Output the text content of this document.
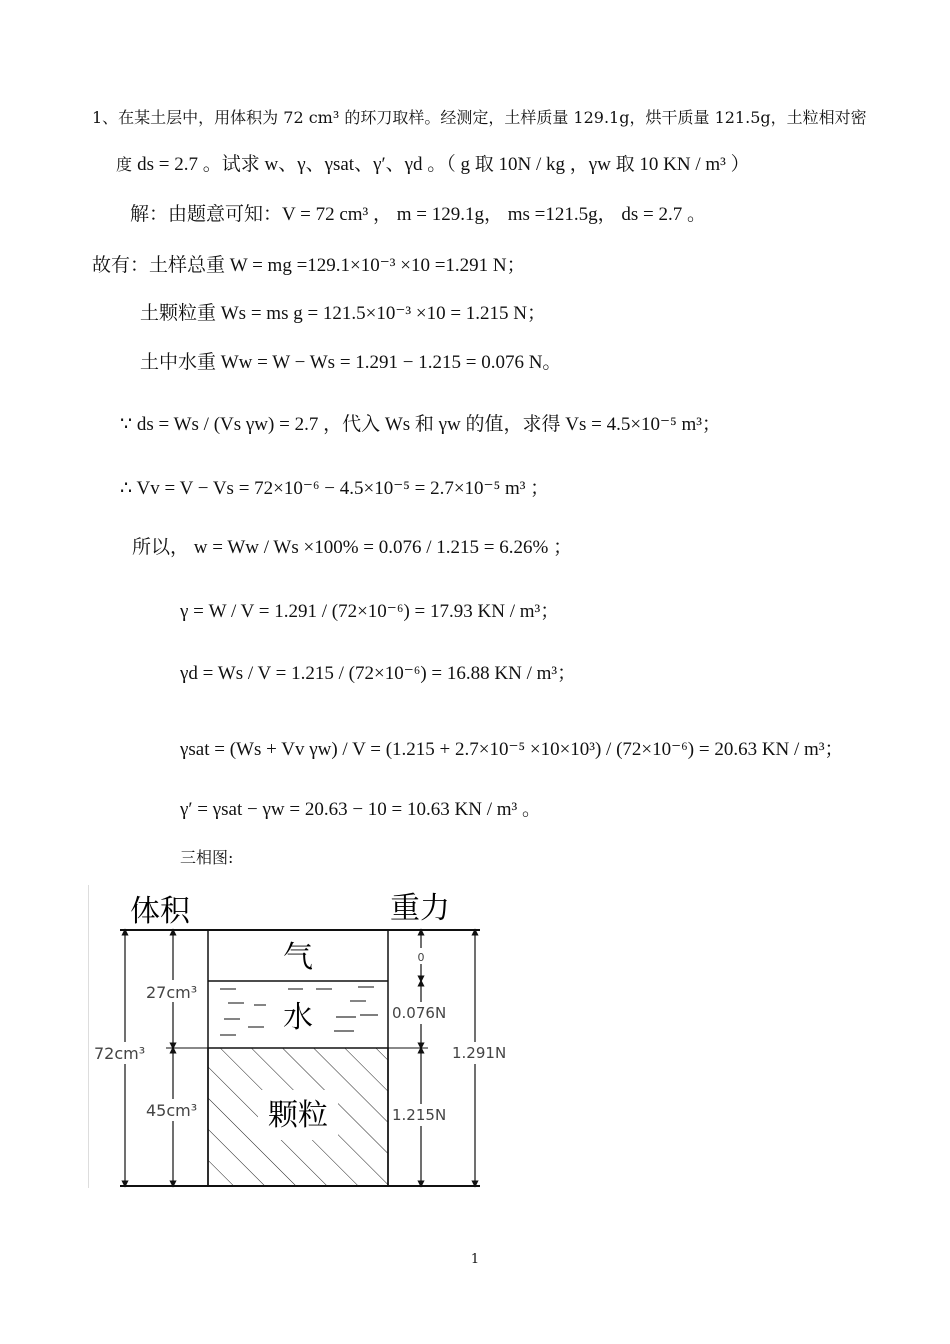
1、在某土层中，用体积为 72 cm³ 的环刀取样。经测定，土样质量 129.1g，烘干质量 121.5g，土粒相对密
度 ds = 2.7 。试求 w、γ、γsat、γ′、γd 。（ g 取 10N / kg ，γw 取 10 KN / m³ ）
解：由题意可知：V = 72 cm³ ， m = 129.1g， ms =121.5g， ds = 2.7 。
故有：土样总重 W = mg =129.1×10⁻³ ×10 =1.291 N；
土颗粒重 Ws = ms g = 121.5×10⁻³ ×10 = 1.215 N；
土中水重 Ww = W − Ws = 1.291 − 1.215 = 0.076 N。
∵ ds = Ws / (Vs γw) = 2.7 ，代入 Ws 和 γw 的值，求得 Vs = 4.5×10⁻⁵ m³；
∴ Vv = V − Vs = 72×10⁻⁶ − 4.5×10⁻⁵ = 2.7×10⁻⁵ m³ ；
所以， w = Ww / Ws ×100% = 0.076 / 1.215 = 6.26% ；
γ = W / V = 1.291 / (72×10⁻⁶) = 17.93 KN / m³；
γd = Ws / V = 1.215 / (72×10⁻⁶) = 16.88 KN / m³；
γsat = (Ws + Vv γw) / V = (1.215 + 2.7×10⁻⁵ ×10×10³) / (72×10⁻⁶) = 20.63 KN / m³；
γ′ = γsat − γw = 20.63 − 10 = 10.63 KN / m³ 。
三相图:
体积	重力
气
水
颗粒
27cm³
72cm³
45cm³
0
0.076N
1.215N
1.291N
1
